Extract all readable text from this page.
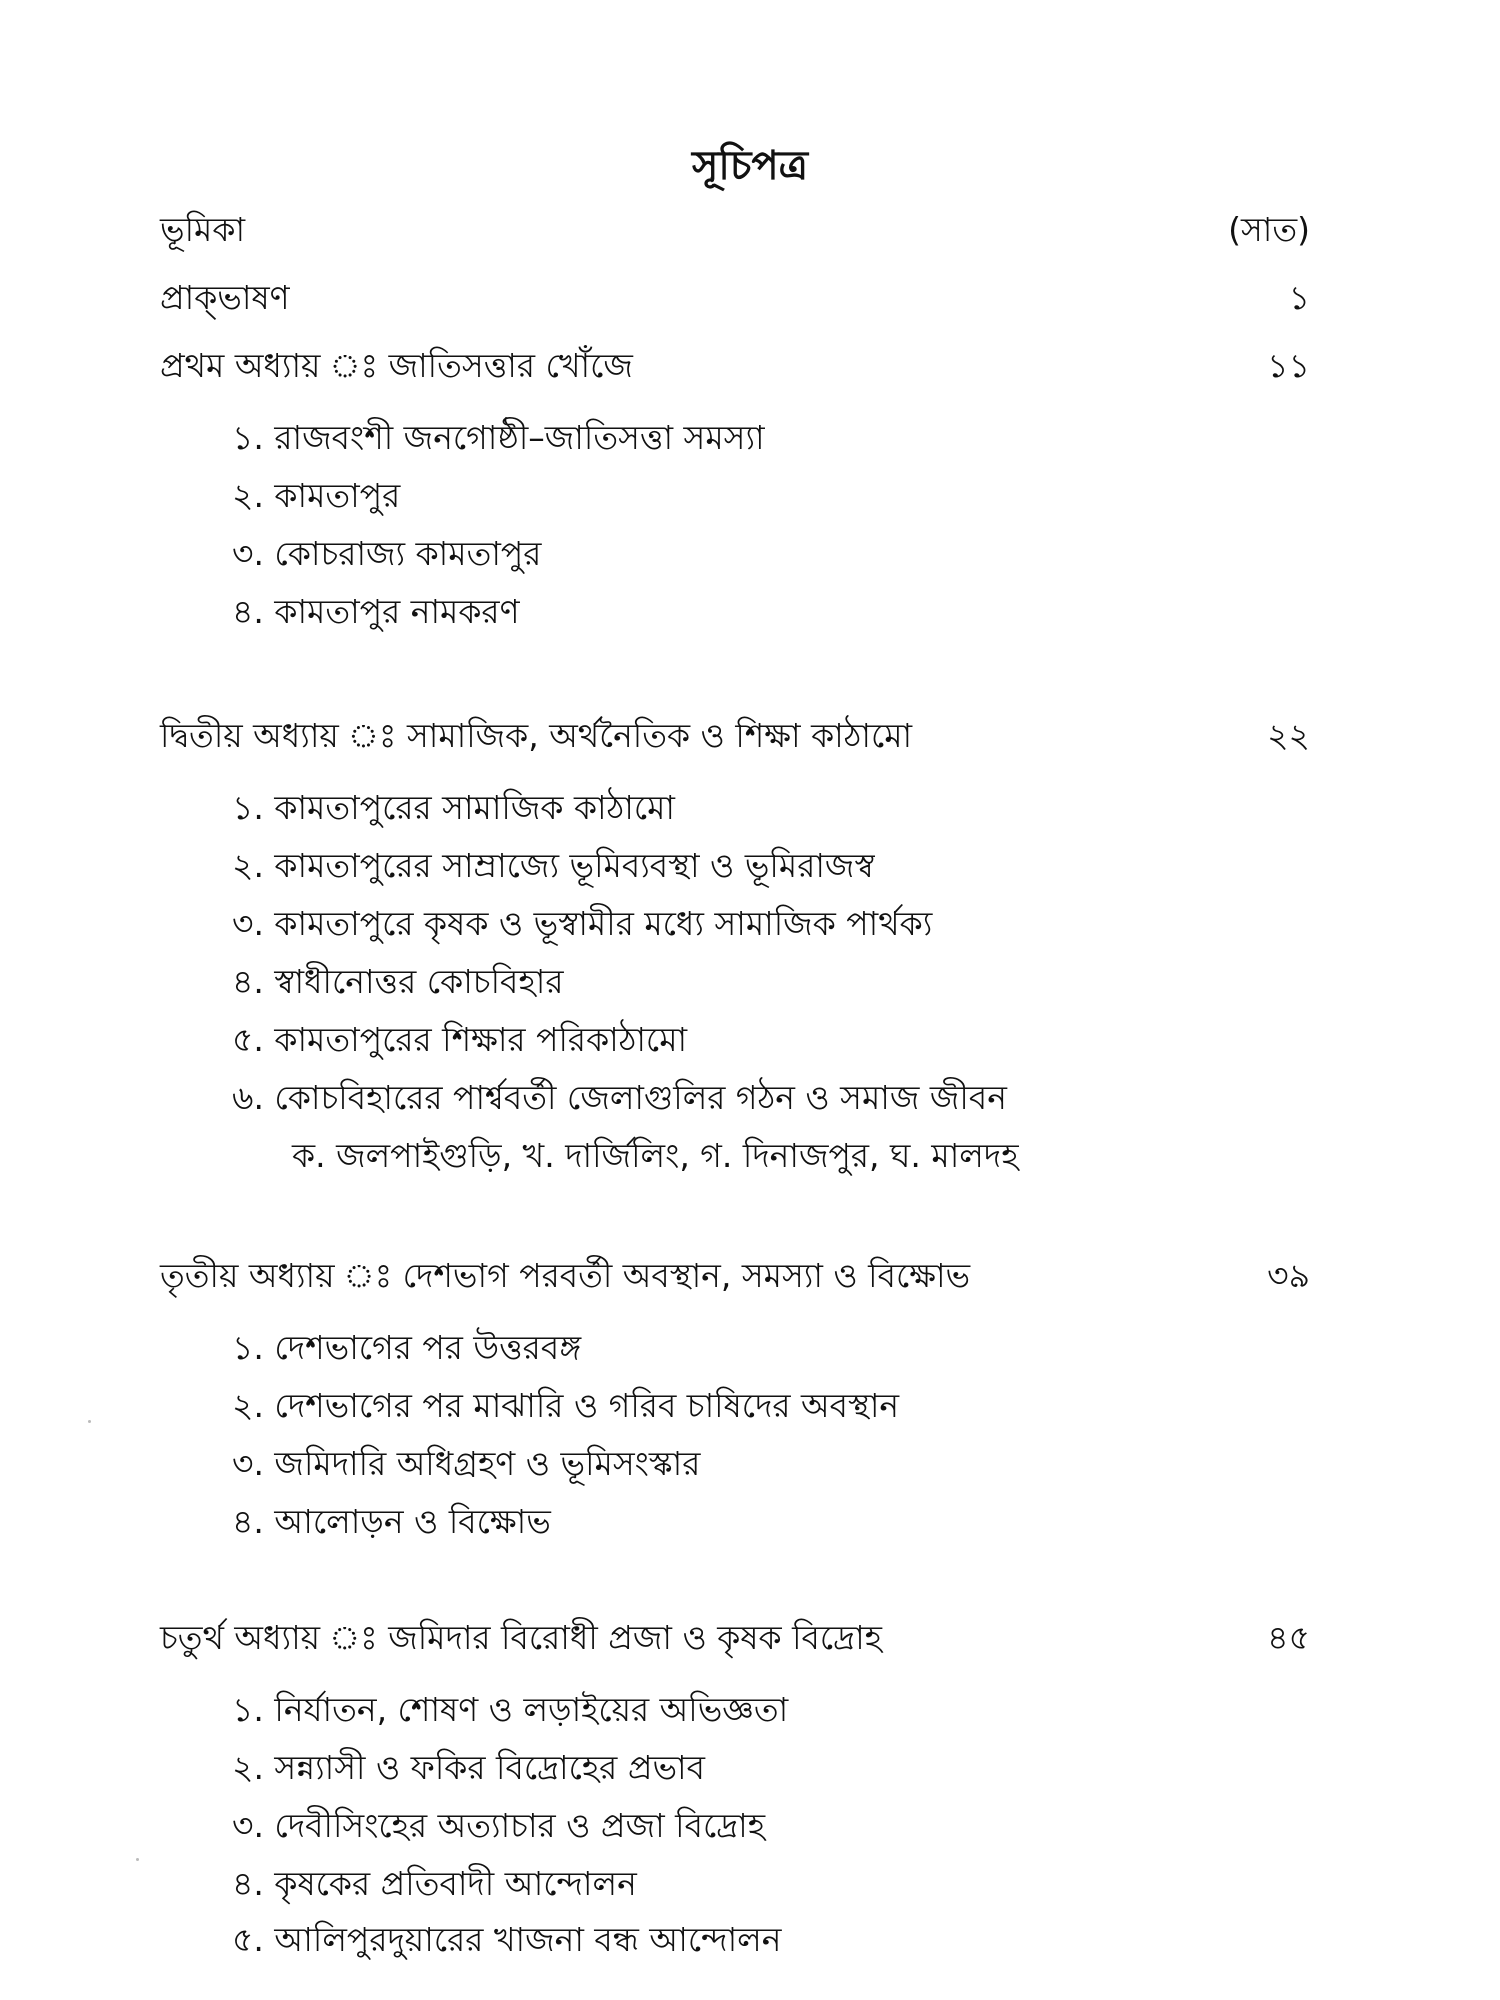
সূচিপত্র
ভূমিকা	(সাত)
প্রাক্‌ভাষণ	১
প্রথম অধ্যায় ঃ জাতিসত্তার খোঁজে	১১
১. রাজবংশী জনগোষ্ঠী–জাতিসত্তা সমস্যা
২. কামতাপুর
৩. কোচরাজ্য কামতাপুর
৪. কামতাপুর নামকরণ
দ্বিতীয় অধ্যায় ঃ সামাজিক, অর্থনৈতিক ও শিক্ষা কাঠামো	২২
১. কামতাপুরের সামাজিক কাঠামো
২. কামতাপুরের সাম্রাজ্যে ভূমিব্যবস্থা ও ভূমিরাজস্ব
৩. কামতাপুরে কৃষক ও ভূস্বামীর মধ্যে সামাজিক পার্থক্য
৪. স্বাধীনোত্তর কোচবিহার
৫. কামতাপুরের শিক্ষার পরিকাঠামো
৬. কোচবিহারের পার্শ্ববর্তী জেলাগুলির গঠন ও সমাজ জীবন
ক. জলপাইগুড়ি, খ. দার্জিলিং, গ. দিনাজপুর, ঘ. মালদহ
তৃতীয় অধ্যায় ঃ দেশভাগ পরবর্তী অবস্থান, সমস্যা ও বিক্ষোভ	৩৯
১. দেশভাগের পর উত্তরবঙ্গ
২. দেশভাগের পর মাঝারি ও গরিব চাষিদের অবস্থান
৩. জমিদারি অধিগ্রহণ ও ভূমিসংস্কার
৪. আলোড়ন ও বিক্ষোভ
চতুর্থ অধ্যায় ঃ জমিদার বিরোধী প্রজা ও কৃষক বিদ্রোহ	৪৫
১. নির্যাতন, শোষণ ও লড়াইয়ের অভিজ্ঞতা
২. সন্ন্যাসী ও ফকির বিদ্রোহের প্রভাব
৩. দেবীসিংহের অত্যাচার ও প্রজা বিদ্রোহ
৪. কৃষকের প্রতিবাদী আন্দোলন
৫. আলিপুরদুয়ারের খাজনা বন্ধ আন্দোলন
